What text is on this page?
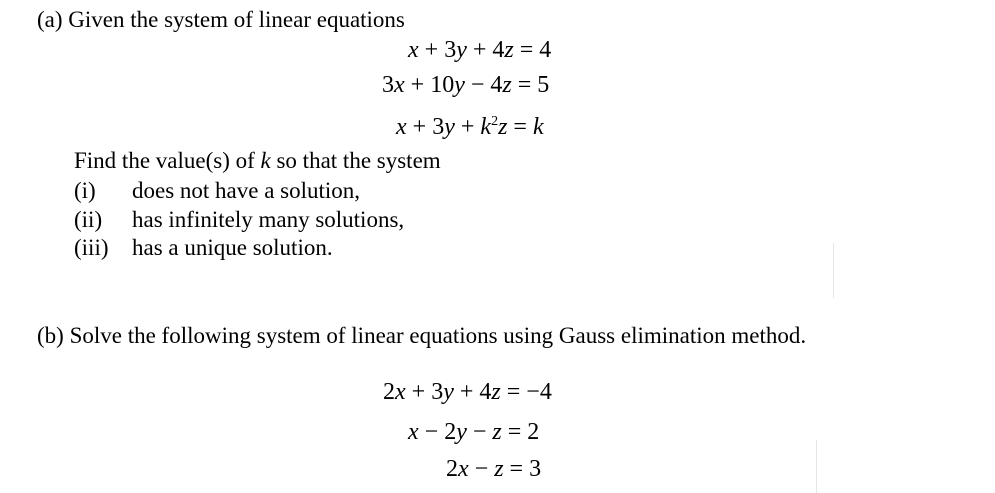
(a) Given the system of linear equations
x + 3y + 4z = 4
3x + 10y − 4z = 5
$x + 3y + k^2z = k$
Find the value(s) of k so that the system
(i) does not have a solution,
(ii) has infinitely many solutions,
(iii) has a unique solution.
(b) Solve the following system of linear equations using Gauss elimination method.
2x + 3y + 4z = −4
x − 2y − z = 2
2x − z = 3
